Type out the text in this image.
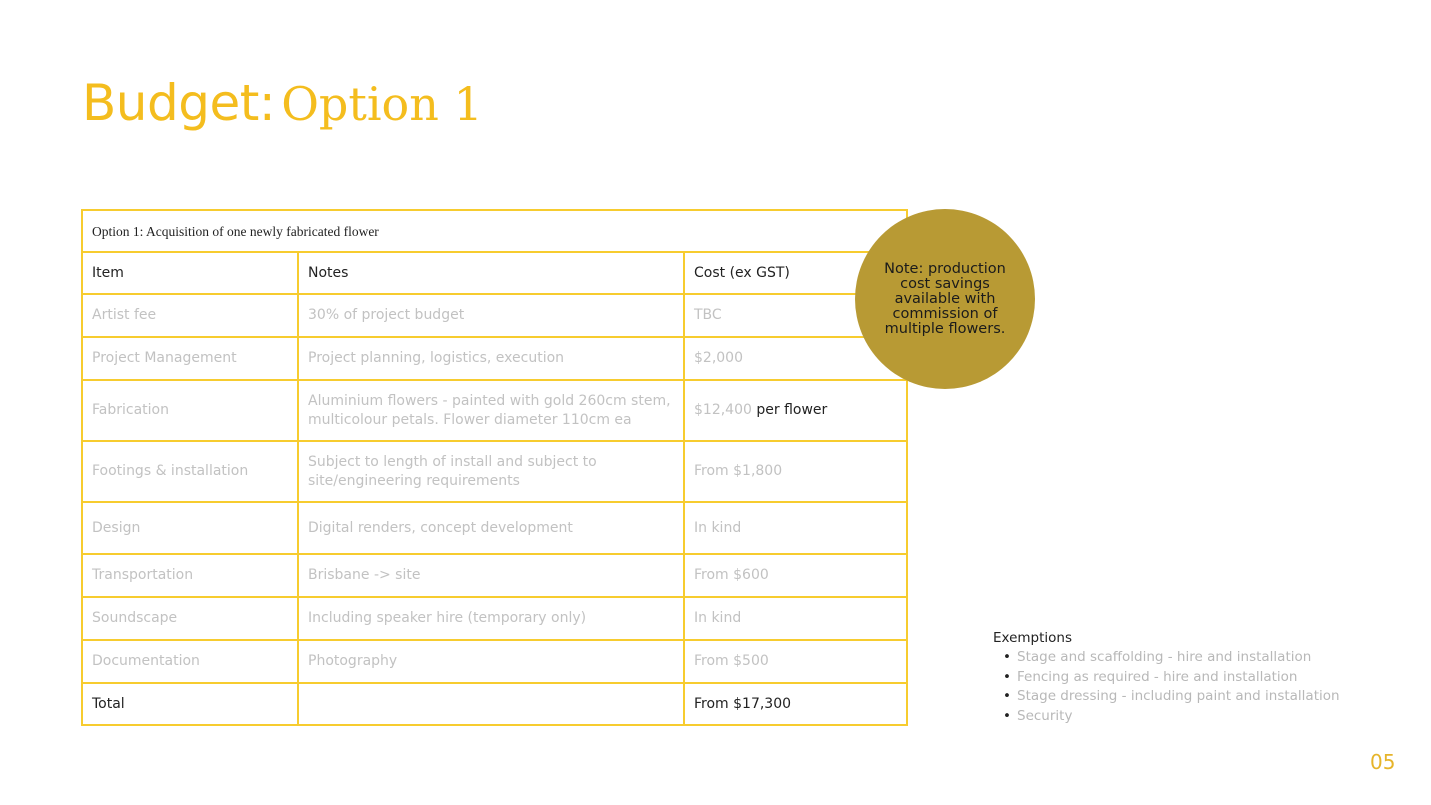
Budget: Option 1
Option 1: Acquisition of one newly fabricated flower		
Item	Notes	Cost (ex GST)
Artist fee	30% of project budget	TBC
Project Management	Project planning, logistics, execution	$2,000
Fabrication	Aluminium flowers - painted with gold 260cm stem, multicolour petals. Flower diameter 110cm ea	$12,400 per flower
Footings & installation	Subject to length of install and subject to site/engineering requirements	From $1,800
Design	Digital renders, concept development	In kind
Transportation	Brisbane -> site	From $600
Soundscape	Including speaker hire (temporary only)	In kind
Documentation	Photography	From $500
Total		From $17,300
Note: production cost savings available with commission of multiple flowers.
Exemptions
• Stage and scaffolding - hire and installation
• Fencing as required - hire and installation
• Stage dressing - including paint and installation
• Security
05
